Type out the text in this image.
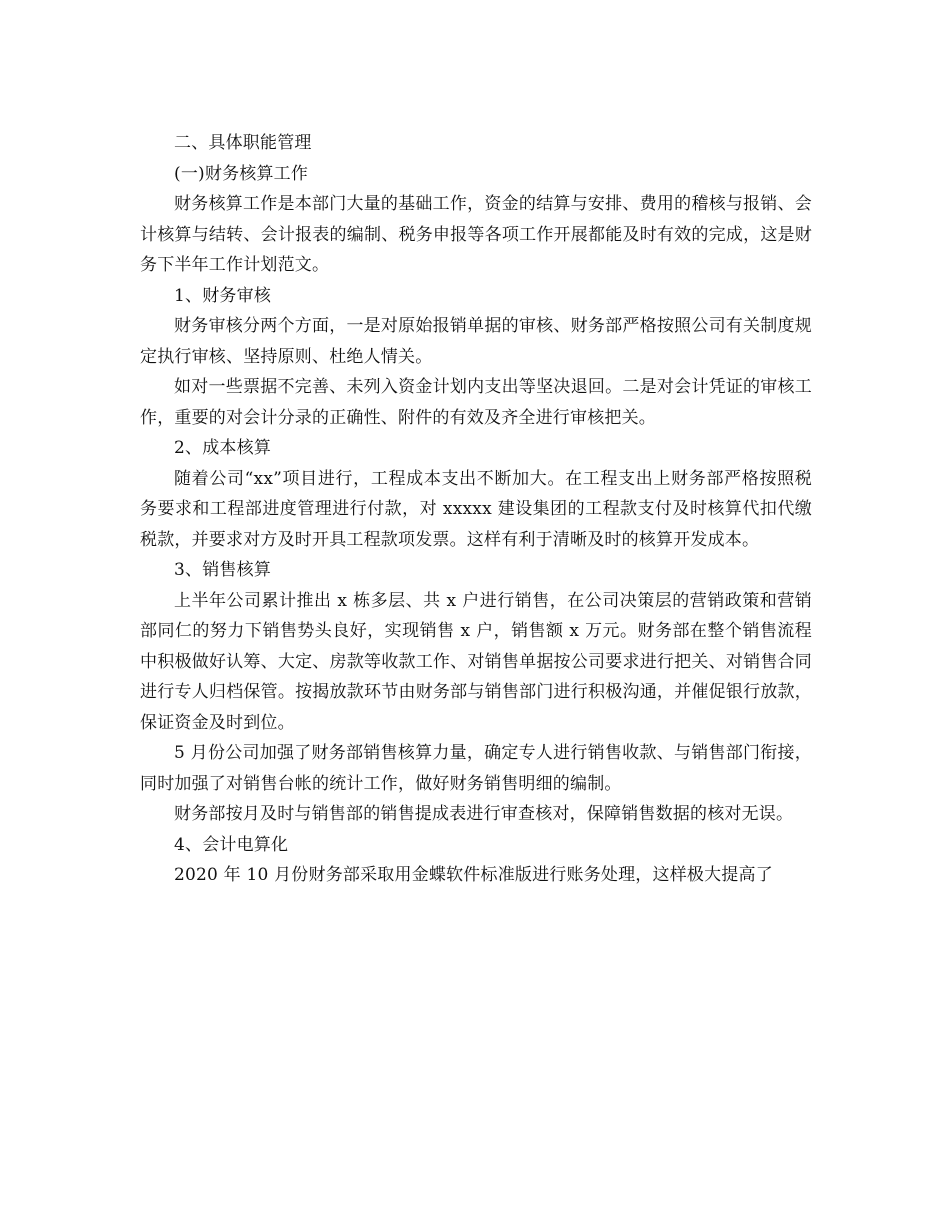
二、具体职能管理

(一)财务核算工作

财务核算工作是本部门大量的基础工作，资金的结算与安排、费用的稽核与报销、会计核算与结转、会计报表的编制、税务申报等各项工作开展都能及时有效的完成，这是财务下半年工作计划范文。

1、财务审核

财务审核分两个方面，一是对原始报销单据的审核、财务部严格按照公司有关制度规定执行审核、坚持原则、杜绝人情关。

如对一些票据不完善、未列入资金计划内支出等坚决退回。二是对会计凭证的审核工作，重要的对会计分录的正确性、附件的有效及齐全进行审核把关。

2、成本核算

随着公司“xx”项目进行，工程成本支出不断加大。在工程支出上财务部严格按照税务要求和工程部进度管理进行付款，对 xxxxx 建设集团的工程款支付及时核算代扣代缴税款，并要求对方及时开具工程款项发票。这样有利于清晰及时的核算开发成本。

3、销售核算

上半年公司累计推出 x 栋多层、共 x 户进行销售，在公司决策层的营销政策和营销部同仁的努力下销售势头良好，实现销售 x 户，销售额 x 万元。财务部在整个销售流程中积极做好认筹、大定、房款等收款工作、对销售单据按公司要求进行把关、对销售合同进行专人归档保管。按揭放款环节由财务部与销售部门进行积极沟通，并催促银行放款，保证资金及时到位。

5 月份公司加强了财务部销售核算力量，确定专人进行销售收款、与销售部门衔接，同时加强了对销售台帐的统计工作，做好财务销售明细的编制。

财务部按月及时与销售部的销售提成表进行审查核对，保障销售数据的核对无误。

4、会计电算化

2020 年 10 月份财务部采取用金蝶软件标准版进行账务处理，这样极大提高了
